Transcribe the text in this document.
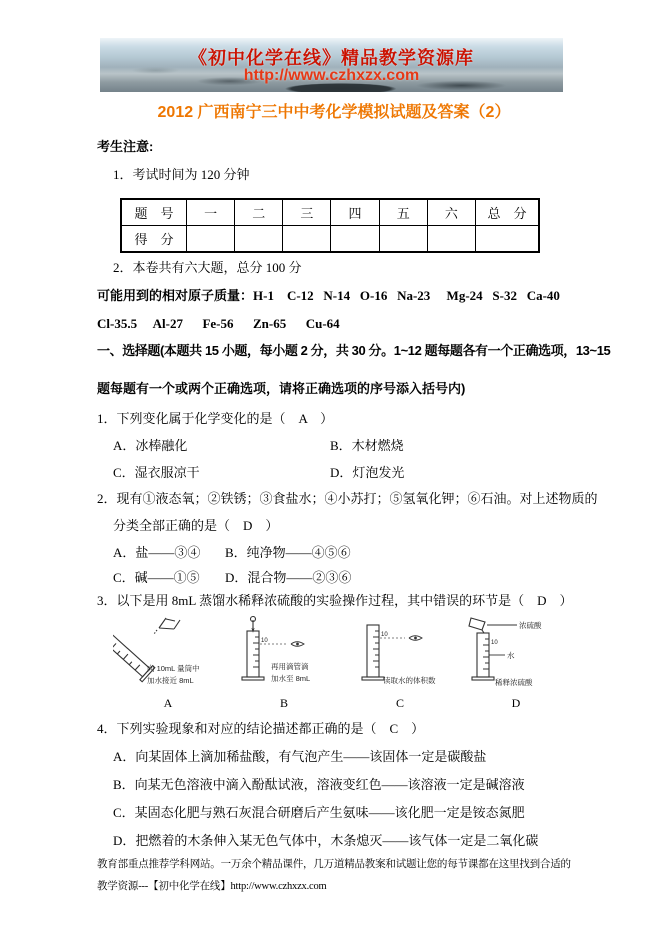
《初中化学在线》精品教学资源库
http://www.czhxzx.com
2012 广西南宁三中中考化学模拟试题及答案（2）
考生注意:
1．考试时间为 120 分钟
题　号	一	二	三	四	五	六	总　分
得　分							
2．本卷共有六大题，总分 100 分
可能用到的相对原子质量：H-1    C-12   N-14   O-16   Na-23     Mg-24   S-32   Ca-40
Cl-35.5     Al-27      Fe-56      Zn-65      Cu-64
一、选择题(本题共 15 小题，每小题 2 分，共 30 分。1~12 题每题各有一个正确选项，13~15
题每题有一个或两个正确选项，请将正确选项的序号添入括号内)
1．下列变化属于化学变化的是（　A　）
A．冰棒融化	B．木材燃烧
C．湿衣服凉干	D．灯泡发光
2．现有①液态氧；②铁锈；③食盐水；④小苏打；⑤氢氧化钾；⑥石油。对上述物质的
分类全部正确的是（　D　）
A．盐——③④	B．纯净物——④⑤⑥
C．碱——①⑤	D．混合物——②③⑥
3．以下是用 8mL 蒸馏水稀释浓硫酸的实验操作过程，其中错误的环节是（　D　）
向 10mL 量筒中
加水接近 8mL
A
10
再用滴管滴
加水至 8mL
B
10
读取水的体积数
C
10
浓硫酸
水
稀释浓硫酸
D
4．下列实验现象和对应的结论描述都正确的是（　C　）
A．向某固体上滴加稀盐酸，有气泡产生——该固体一定是碳酸盐
B．向某无色溶液中滴入酚酞试液，溶液变红色——该溶液一定是碱溶液
C．某固态化肥与熟石灰混合研磨后产生氨味——该化肥一定是铵态氮肥
D．把燃着的木条伸入某无色气体中，木条熄灭——该气体一定是二氧化碳
教育部重点推荐学科网站。一万余个精品课件，几万道精品教案和试题让您的每节课都在这里找到合适的
教学资源---【初中化学在线】http://www.czhxzx.com
